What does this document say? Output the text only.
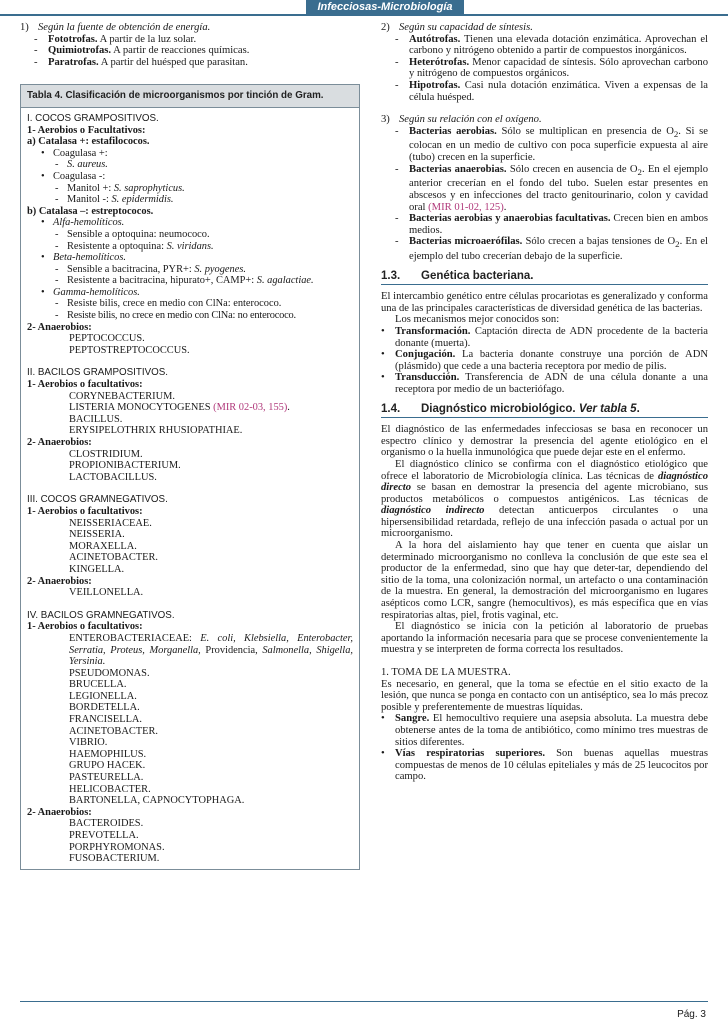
Infecciosas-Microbiología
1) Según la fuente de obtención de energía.
- Fototrofas. A partir de la luz solar.
- Quimiotrofas. A partir de reacciones químicas.
- Paratrofas. A partir del huésped que parasitan.
Tabla 4. Clasificación de microorganismos por tinción de Gram.
I. COCOS GRAMPOSITIVOS.
1- Aerobios o Facultativos:
a) Catalasa +: estafilococos.
• Coagulasa +:
- S. aureus.
• Coagulasa -:
- Manitol +: S. saprophyticus.
- Manitol -: S. epidermidis.
b) Catalasa –: estreptococos.
• Alfa-hemolíticos.
- Sensible a optoquina: neumococo.
- Resistente a optoquina: S. viridans.
• Beta-hemolíticos.
- Sensible a bacitracina, PYR+: S. pyogenes.
- Resistente a bacitracina, hipurato+, CAMP+: S. agalactiae.
• Gamma-hemolíticos.
- Resiste bilis, crece en medio con ClNa: enterococo.
- Resiste bilis, no crece en medio con ClNa: no enterococo.
2- Anaerobios:
PEPTOCOCCUS.
PEPTOSTREPTOCOCCUS.
II. BACILOS GRAMPOSITIVOS.
1- Aerobios o facultativos:
CORYNEBACTERIUM.
LISTERIA MONOCYTOGENES (MIR 02-03, 155).
BACILLUS.
ERYSIPELOTHRIX RHUSIOPATHIAE.
2- Anaerobios:
CLOSTRIDIUM.
PROPIONIBACTERIUM.
LACTOBACILLUS.
III. COCOS GRAMNEGATIVOS.
1- Aerobios o facultativos:
NEISSERIACEAE.
NEISSERIA.
MORAXELLA.
ACINETOBACTER.
KINGELLA.
2- Anaerobios:
VEILLONELLA.
IV. BACILOS GRAMNEGATIVOS.
1- Aerobios o facultativos:
ENTEROBACTERIACEAE: E. coli, Klebsiella, Enterobacter, Serratia, Proteus, Morganella, Providencia, Salmonella, Shigella, Yersinia.
PSEUDOMONAS.
BRUCELLA.
LEGIONELLA.
BORDETELLA.
FRANCISELLA.
ACINETOBACTER.
VIBRIO.
HAEMOPHILUS.
GRUPO HACEK.
PASTEURELLA.
HELICOBACTER.
BARTONELLA, CAPNOCYTOPHAGA.
2- Anaerobios:
BACTEROIDES.
PREVOTELLA.
PORPHYROMONAS.
FUSOBACTERIUM.
2) Según su capacidad de síntesis.
- Autótrofas. Tienen una elevada dotación enzimática. Aprovechan el carbono y nitrógeno obtenido a partir de compuestos inorgánicos.
- Heterótrofas. Menor capacidad de síntesis. Sólo aprovechan carbono y nitrógeno de compuestos orgánicos.
- Hipotrofas. Casi nula dotación enzimática. Viven a expensas de la célula huésped.
3) Según su relación con el oxígeno.
- Bacterias aerobias. Sólo se multiplican en presencia de $O_2$. Si se colocan en un medio de cultivo con poca superficie expuesta al aire (tubo) crecen en la superficie.
- Bacterias anaerobias. Sólo crecen en ausencia de $O_2$. En el ejemplo anterior crecerían en el fondo del tubo. Suelen estar presentes en abscesos y en infecciones del tracto genitourinario, colon y cavidad oral (MIR 01-02, 125).
- Bacterias aerobias y anaerobias facultativas. Crecen bien en ambos medios.
- Bacterias microaerófilas. Sólo crecen a bajas tensiones de $O_2$. En el ejemplo del tubo crecerían debajo de la superficie.
1.3.	Genética bacteriana.

El intercambio genético entre células procariotas es generalizado y conforma una de las principales características de diversidad genética de las bacterias.

Los mecanismos mejor conocidos son:

• Transformación. Captación directa de ADN procedente de la bacteria donante (muerta).
• Conjugación. La bacteria donante construye una porción de ADN (plásmido) que cede a una bacteria receptora por medio de pilis.
• Transducción. Transferencia de ADN de una célula donante a una receptora por medio de un bacteriófago.
1.4.	Diagnóstico microbiológico. Ver tabla 5.

El diagnóstico de las enfermedades infecciosas se basa en reconocer un espectro clínico y demostrar la presencia del agente etiológico en el organismo o la huella inmunológica que puede dejar este en el enfermo.

El diagnóstico clínico se confirma con el diagnóstico etiológico que ofrece el laboratorio de Microbiología clínica. Las técnicas de diagnóstico directo se basan en demostrar la presencia del agente microbiano, sus productos metabólicos o compuestos antigénicos. Las técnicas de diagnóstico indirecto detectan anticuerpos circulantes o una hipersensibilidad retardada, reflejo de una infección pasada o actual por un microorganismo.

A la hora del aislamiento hay que tener en cuenta que aislar un determinado microorganismo no conlleva la conclusión de que este sea el productor de la enfermedad, sino que hay que deter-tar, dependiendo del sitio de la toma, una colonización normal, un artefacto o una contaminación de la muestra. En general, la demostración del microorganismo en lugares asépticos como LCR, sangre (hemocultivos), es más específica que en vías respiratorias altas, piel, frotis vaginal, etc.

El diagnóstico se inicia con la petición al laboratorio de pruebas aportando la información necesaria para que se procese convenientemente la muestra y se interpreten de forma correcta los resultados.

1. TOMA DE LA MUESTRA.

Es necesario, en general, que la toma se efectúe en el sitio exacto de la lesión, que nunca se ponga en contacto con un antiséptico, sea lo más precoz posible y preferentemente de muestras líquidas.

• Sangre. El hemocultivo requiere una asepsia absoluta. La muestra debe obtenerse antes de la toma de antibiótico, como mínimo tres muestras de sitios diferentes.
• Vías respiratorias superiores. Son buenas aquellas muestras compuestas de menos de 10 células epiteliales y más de 25 leucocitos por campo.
Pág. 3
